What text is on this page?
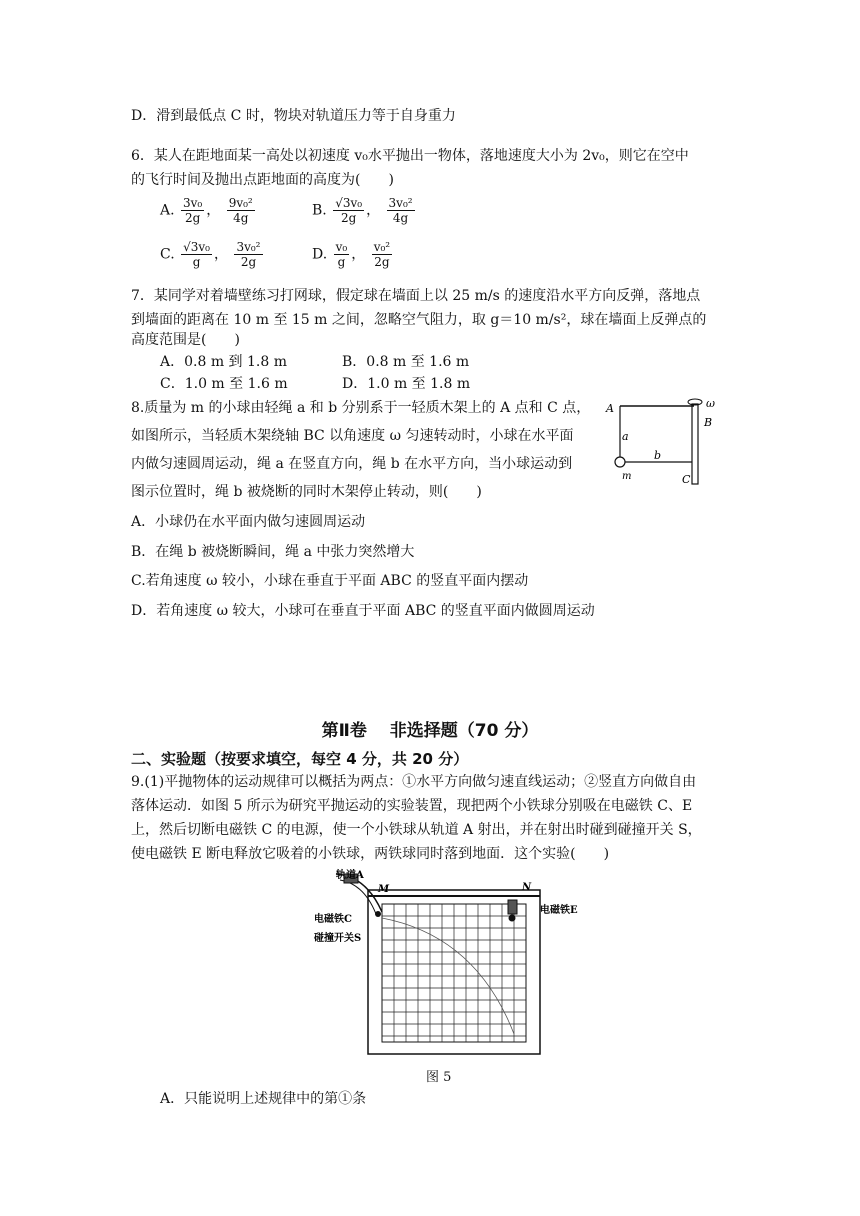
D．滑到最低点 C 时，物块对轨道压力等于自身重力
6．某人在距地面某一高处以初速度 v₀水平抛出一物体，落地速度大小为 2v₀，则它在空中
的飞行时间及抛出点距地面的高度为(　　)
A. $\frac{\text{3v₀}}{2g}$ ， $\frac{\text{9v₀²}}{4g}$	B. $\frac{\text{√3v₀}}{2g}$ ， $\frac{\text{3v₀²}}{4g}$
C. $\frac{\text{√3v₀}}{g}$ ， $\frac{\text{3v₀²}}{2g}$	D. $\frac{\text{v₀}}{g}$ ， $\frac{\text{v₀²}}{2g}$
7．某同学对着墙壁练习打网球，假定球在墙面上以 25 m/s 的速度沿水平方向反弹，落地点
到墙面的距离在 10 m 至 15 m 之间，忽略空气阻力，取 g＝10 m/s²，球在墙面上反弹点的
高度范围是(　　)
A．0.8 m 到 1.8 m	B．0.8 m 至 1.6 m
C．1.0 m 至 1.6 m	D．1.0 m 至 1.8 m
8.质量为 m 的小球由轻绳 a 和 b 分别系于一轻质木架上的 A 点和 C 点，
如图所示，当轻质木架绕轴 BC 以角速度 ω 匀速转动时，小球在水平面
内做匀速圆周运动，绳 a 在竖直方向，绳 b 在水平方向，当小球运动到
图示位置时，绳 b 被烧断的同时木架停止转动，则(　　)
A	ω
B
a
b
m	C
A．小球仍在水平面内做匀速圆周运动
B．在绳 b 被烧断瞬间，绳 a 中张力突然增大
C.若角速度 ω 较小，小球在垂直于平面 ABC 的竖直平面内摆动
D．若角速度 ω 较大，小球可在垂直于平面 ABC 的竖直平面内做圆周运动
第Ⅱ卷　 非选择题（70 分）
二、实验题（按要求填空，每空 4 分，共 20 分）
9.(1)平抛物体的运动规律可以概括为两点：①水平方向做匀速直线运动；②竖直方向做自由
落体运动．如图 5 所示为研究平抛运动的实验装置，现把两个小铁球分别吸在电磁铁 C、E
上，然后切断电磁铁 C 的电源，使一个小铁球从轨道 A 射出，并在射出时碰到碰撞开关 S，
使电磁铁 E 断电释放它吸着的小铁球，两铁球同时落到地面．这个实验(　　)
轨道A
M	N
电磁铁E
电磁铁C
碰撞开关S
图 5
A．只能说明上述规律中的第①条
